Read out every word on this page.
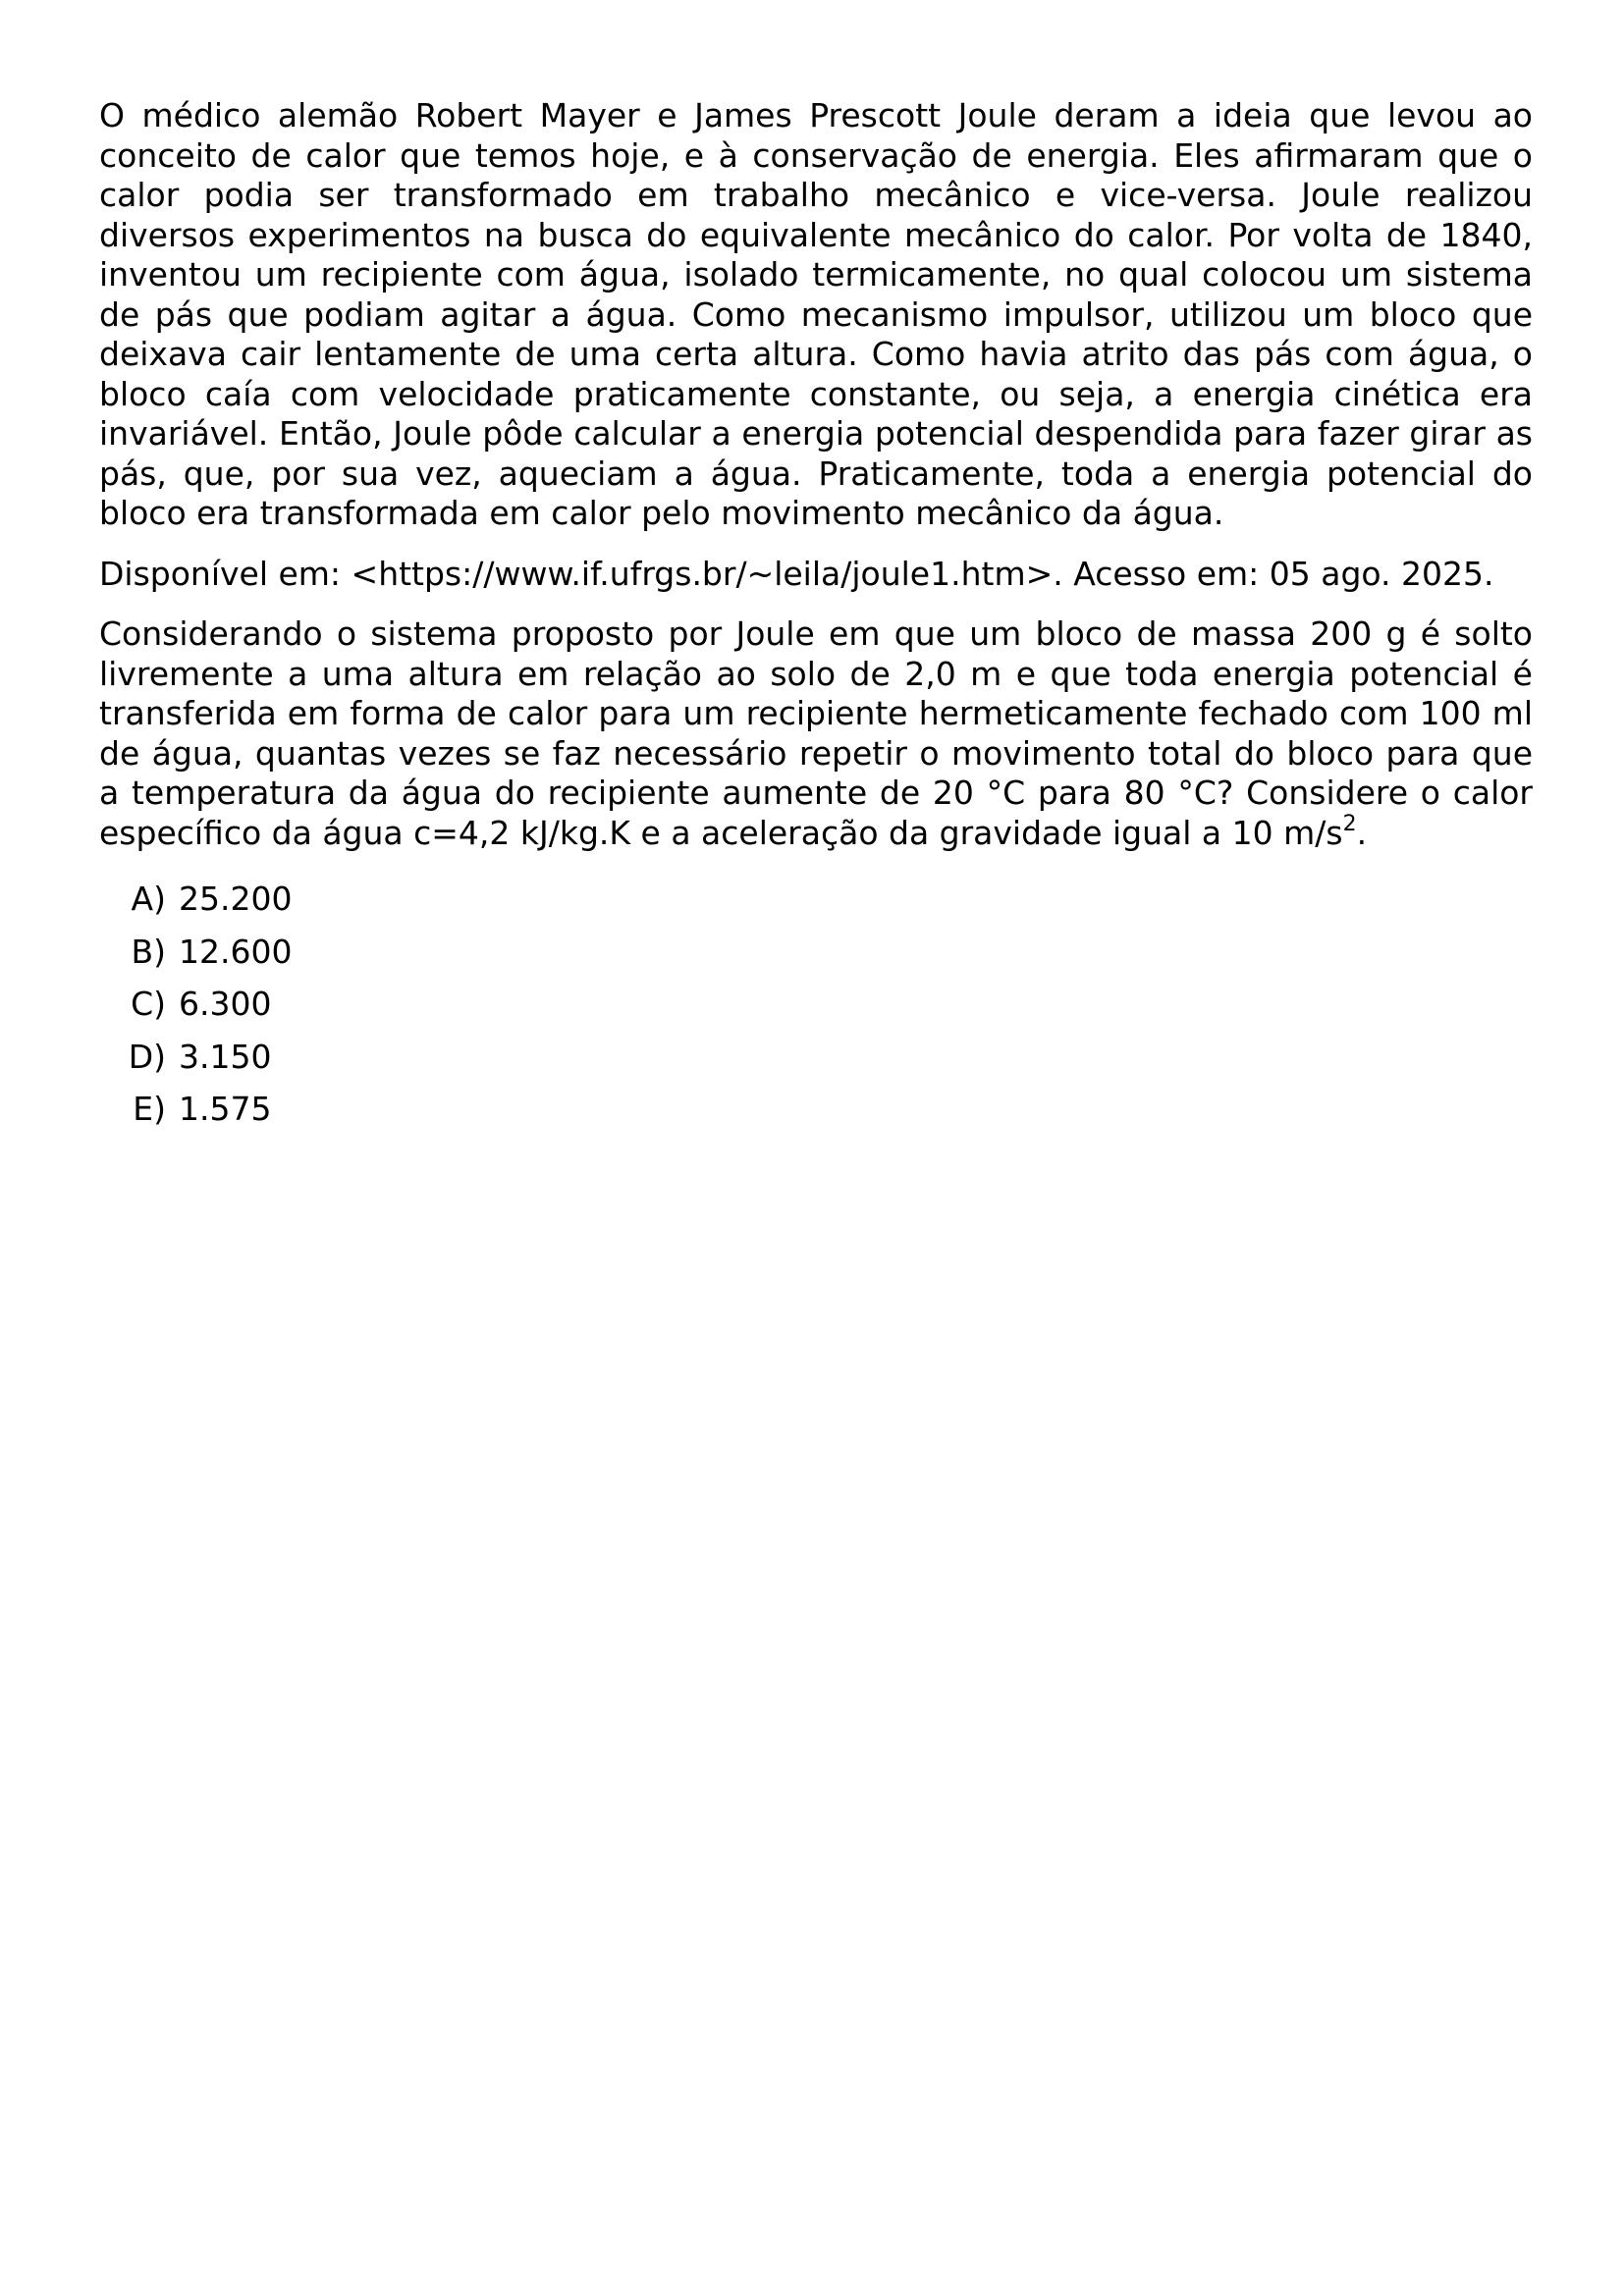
O médico alemão Robert Mayer e James Prescott Joule deram a ideia que levou ao conceito de calor que temos hoje, e à conservação de energia. Eles afirmaram que o calor podia ser transformado em trabalho mecânico e vice-versa. Joule realizou diversos experimentos na busca do equivalente mecânico do calor. Por volta de 1840, inventou um recipiente com água, isolado termicamente, no qual colocou um sistema de pás que podiam agitar a água. Como mecanismo impulsor, utilizou um bloco que deixava cair lentamente de uma certa altura. Como havia atrito das pás com água, o bloco caía com velocidade praticamente constante, ou seja, a energia cinética era invariável. Então, Joule pôde calcular a energia potencial despendida para fazer girar as pás, que, por sua vez, aqueciam a água. Praticamente, toda a energia potencial do bloco era transformada em calor pelo movimento mecânico da água.

Disponível em: <https://www.if.ufrgs.br/~leila/joule1.htm>. Acesso em: 05 ago. 2025.

Considerando o sistema proposto por Joule em que um bloco de massa 200 g é solto livremente a uma altura em relação ao solo de 2,0 m e que toda energia potencial é transferida em forma de calor para um recipiente hermeticamente fechado com 100 ml de água, quantas vezes se faz necessário repetir o movimento total do bloco para que a temperatura da água do recipiente aumente de 20 °C para 80 °C? Considere o calor específico da água c=4,2 kJ/kg.K e a aceleração da gravidade igual a 10 $m/s^2$.

A) 25.200
B) 12.600
C) 6.300
D) 3.150
E) 1.575
